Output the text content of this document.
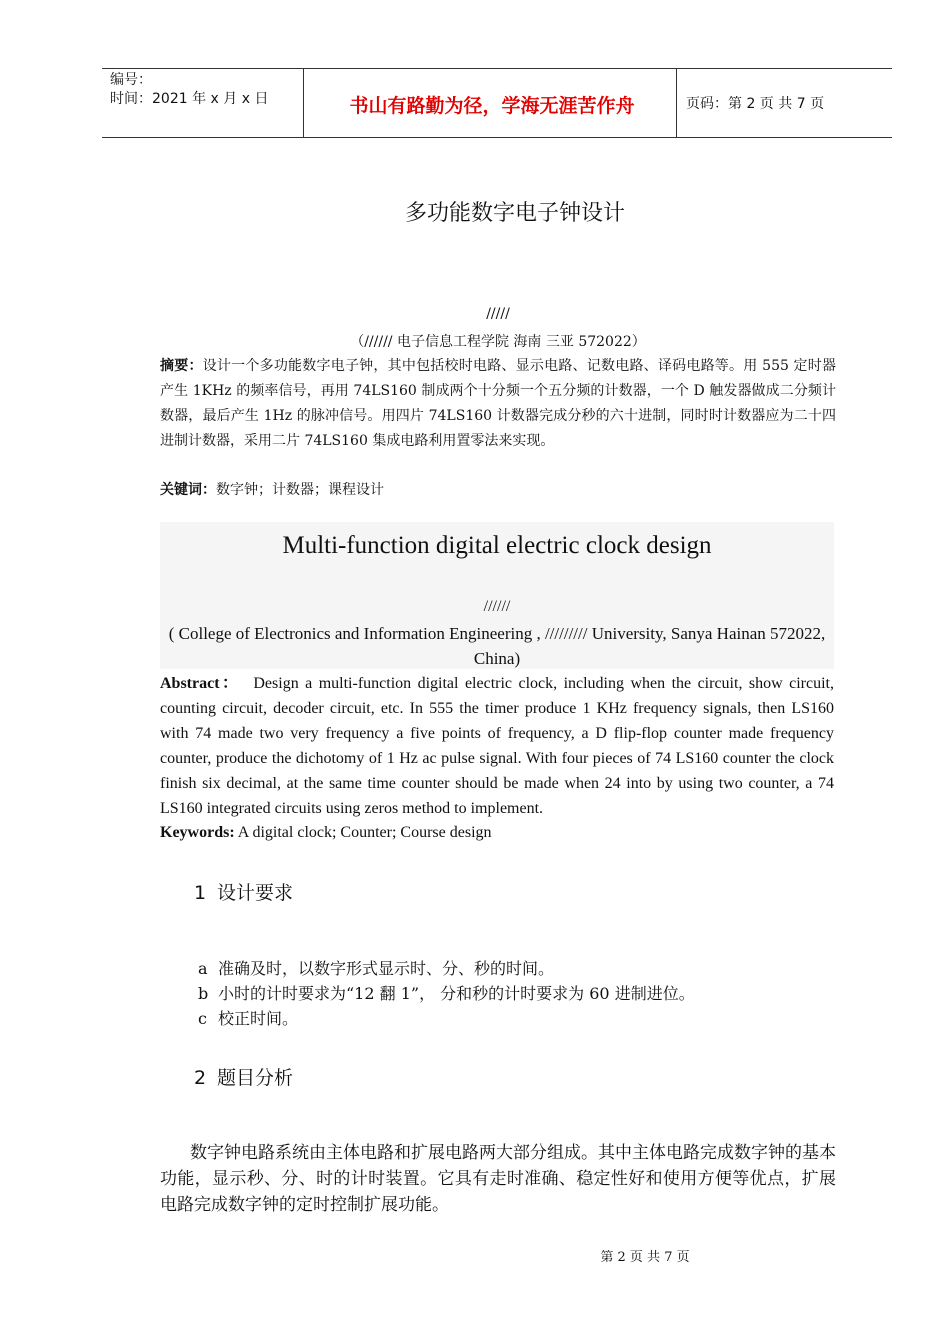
编号：
时间：2021 年 x 月 x 日	书山有路勤为径，学海无涯苦作舟	页码：第 2 页 共 7 页
多功能数字电子钟设计
/////
（////// 电子信息工程学院 海南 三亚 572022）
摘要：设计一个多功能数字电子钟，其中包括校时电路、显示电路、记数电路、译码电路等。用 555 定时器产生 1KHz 的频率信号，再用 74LS160 制成两个十分频一个五分频的计数器，一个 D 触发器做成二分频计数器，最后产生 1Hz 的脉冲信号。用四片 74LS160 计数器完成分秒的六十进制，同时时计数器应为二十四进制计数器，采用二片 74LS160 集成电路利用置零法来实现。
关键词：数字钟；计数器；课程设计
Multi-function digital electric clock design
//////
( College of Electronics and Information Engineering , ///////// University, Sanya Hainan 572022, China)
Abstract： Design a multi-function digital electric clock, including when the circuit, show circuit, counting circuit, decoder circuit, etc. In 555 the timer produce 1 KHz frequency signals, then LS160 with 74 made two very frequency a five points of frequency, a D flip-flop counter made frequency counter, produce the dichotomy of 1 Hz ac pulse signal. With four pieces of 74 LS160 counter the clock finish six decimal, at the same time counter should be made when 24 into by using two counter, a 74 LS160 integrated circuits using zeros method to implement.
Keywords: A digital clock; Counter; Course design
1 设计要求
a 准确及时，以数字形式显示时、分、秒的时间。
b 小时的计时要求为“12 翻 1”， 分和秒的计时要求为 60 进制进位。
c 校正时间。
2 题目分析
数字钟电路系统由主体电路和扩展电路两大部分组成。其中主体电路完成数字钟的基本功能，显示秒、分、时的计时装置。它具有走时准确、稳定性好和使用方便等优点，扩展电路完成数字钟的定时控制扩展功能。
第 2 页 共 7 页
